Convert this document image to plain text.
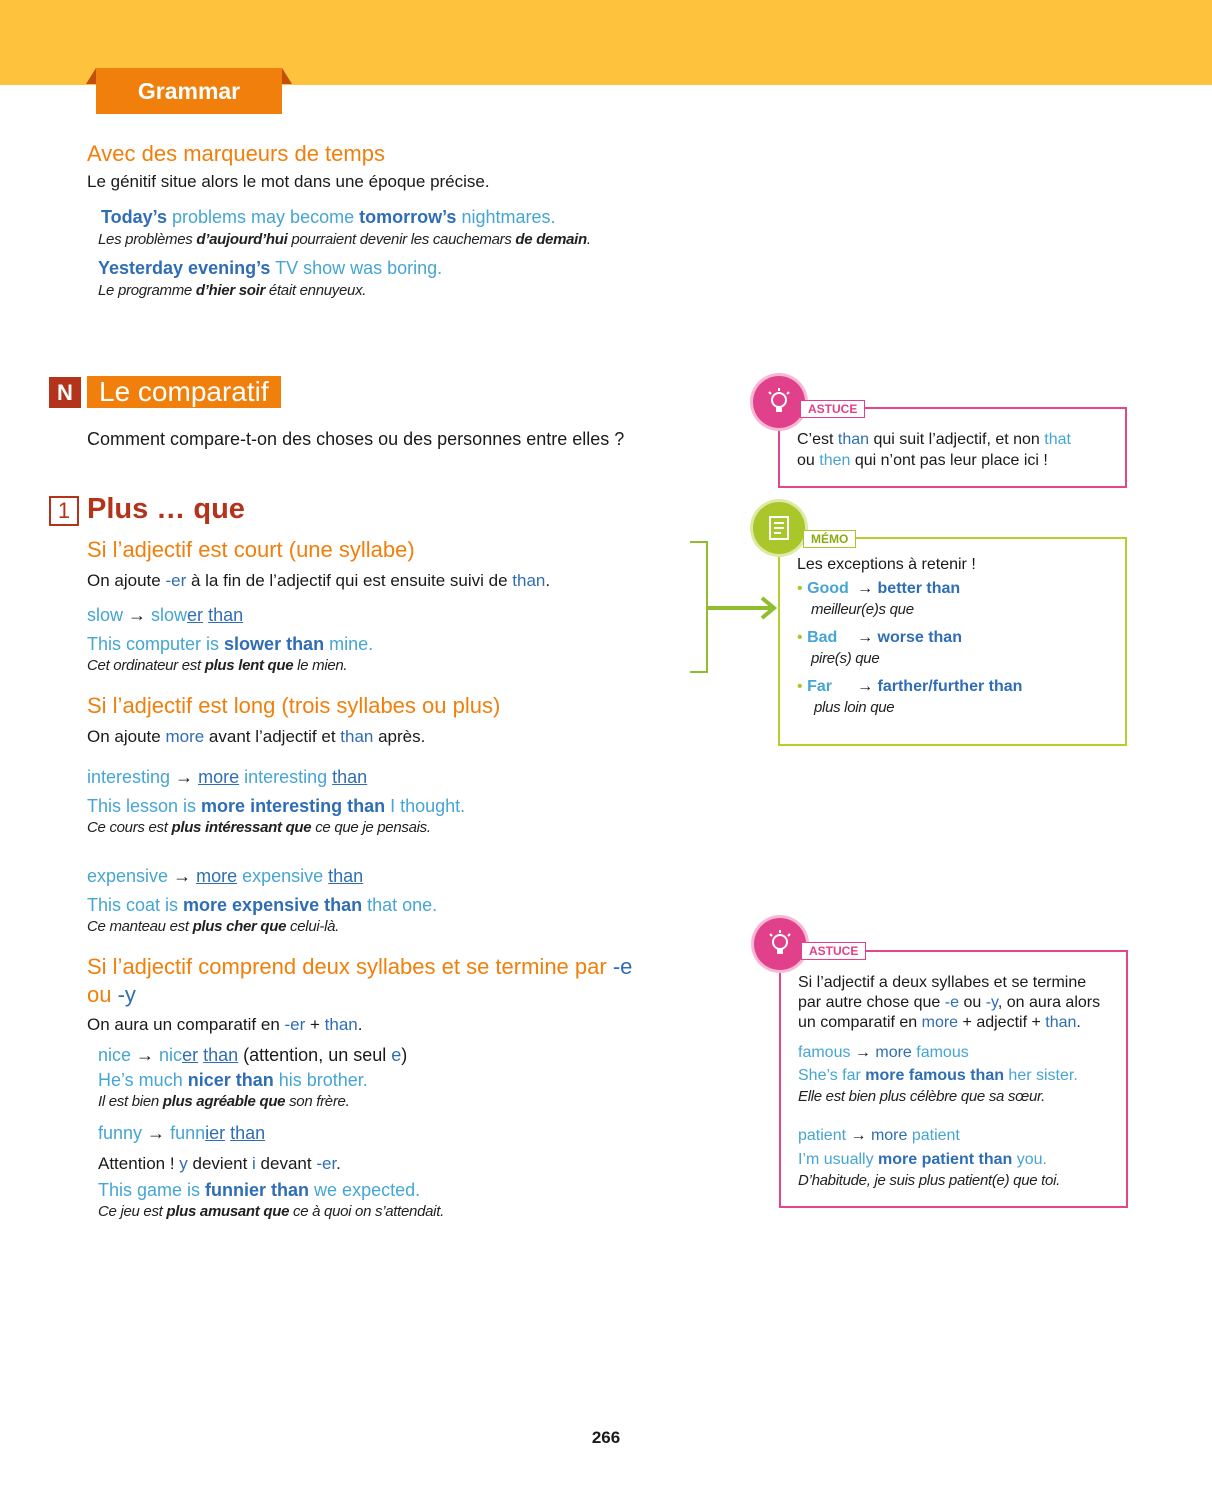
Grammar
Avec des marqueurs de temps
Le génitif situe alors le mot dans une époque précise.
Today’s problems may become tomorrow’s nightmares.
Les problèmes d’aujourd’hui pourraient devenir les cauchemars de demain.
Yesterday evening’s TV show was boring.
Le programme d’hier soir était ennuyeux.
N Le comparatif
Comment compare-t-on des choses ou des personnes entre elles ?
1 Plus … que
Si l’adjectif est court (une syllabe)
On ajoute -er à la fin de l’adjectif qui est ensuite suivi de than.
slow → slower than
This computer is slower than mine.
Cet ordinateur est plus lent que le mien.
Si l’adjectif est long (trois syllabes ou plus)
On ajoute more avant l’adjectif et than après.
interesting → more interesting than
This lesson is more interesting than I thought.
Ce cours est plus intéressant que ce que je pensais.
expensive → more expensive than
This coat is more expensive than that one.
Ce manteau est plus cher que celui-là.
Si l’adjectif comprend deux syllabes et se termine par -e
ou -y
On aura un comparatif en -er + than.
nice → nicer than (attention, un seul e)
He’s much nicer than his brother.
Il est bien plus agréable que son frère.
funny → funnier than
Attention ! y devient i devant -er.
This game is funnier than we expected.
Ce jeu est plus amusant que ce à quoi on s’attendait.
ASTUCE
C’est than qui suit l’adjectif, et non that
ou then qui n’ont pas leur place ici !
MÉMO
Les exceptions à retenir !
• Good → better than
meilleur(e)s que
• Bad → worse than
pire(s) que
• Far → farther/further than
plus loin que
ASTUCE
Si l’adjectif a deux syllabes et se termine
par autre chose que -e ou -y, on aura alors
un comparatif en more + adjectif + than.
famous → more famous
She’s far more famous than her sister.
Elle est bien plus célèbre que sa sœur.
patient → more patient
I’m usually more patient than you.
D’habitude, je suis plus patient(e) que toi.
266
